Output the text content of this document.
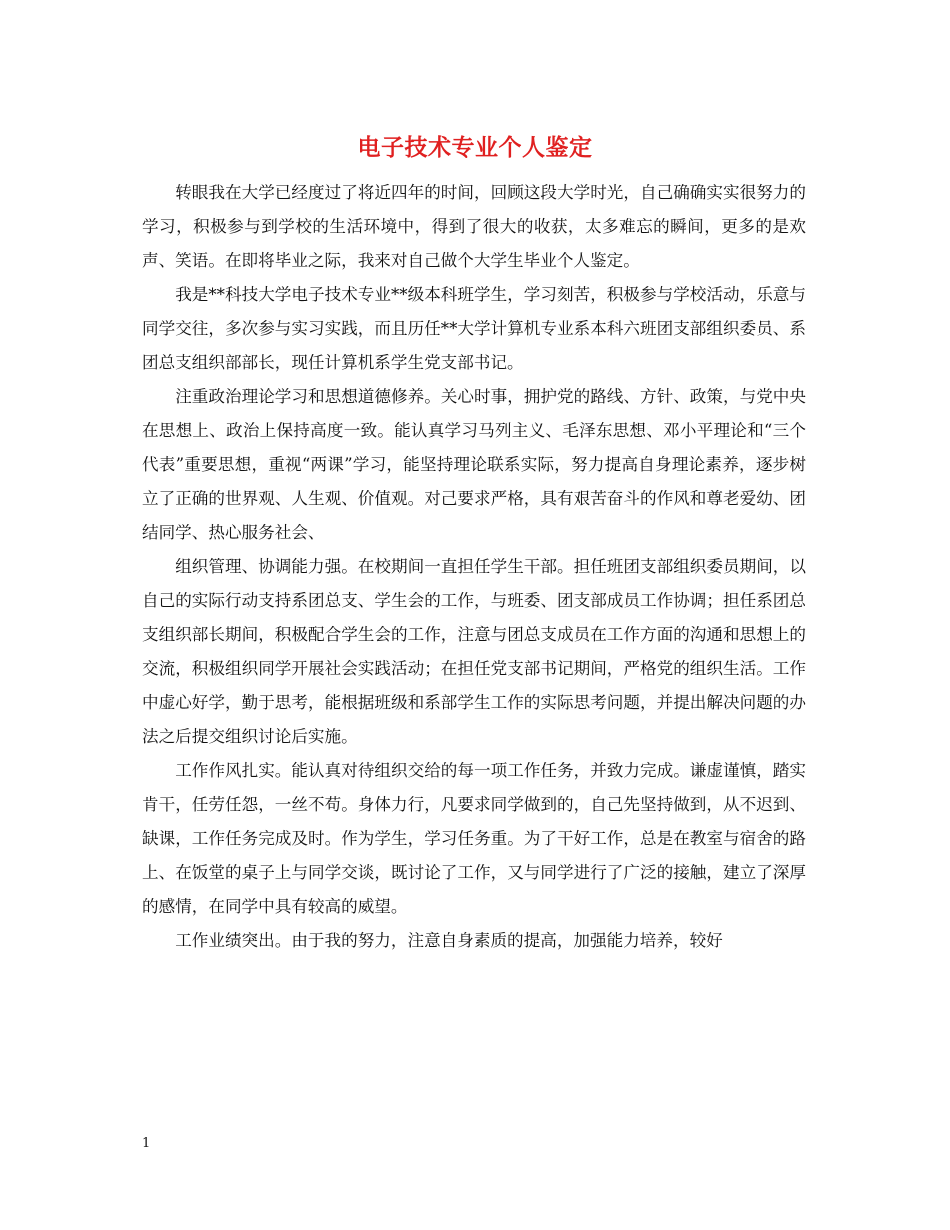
电子技术专业个人鉴定

转眼我在大学已经度过了将近四年的时间，回顾这段大学时光，自己确确实实很努力的学习，积极参与到学校的生活环境中，得到了很大的收获，太多难忘的瞬间，更多的是欢声、笑语。在即将毕业之际，我来对自己做个大学生毕业个人鉴定。

我是**科技大学电子技术专业**级本科班学生，学习刻苦，积极参与学校活动，乐意与同学交往，多次参与实习实践，而且历任**大学计算机专业系本科六班团支部组织委员、系团总支组织部部长，现任计算机系学生党支部书记。

注重政治理论学习和思想道德修养。关心时事，拥护党的路线、方针、政策，与党中央在思想上、政治上保持高度一致。能认真学习马列主义、毛泽东思想、邓小平理论和“三个代表”重要思想，重视“两课”学习，能坚持理论联系实际，努力提高自身理论素养，逐步树立了正确的世界观、人生观、价值观。对己要求严格，具有艰苦奋斗的作风和尊老爱幼、团结同学、热心服务社会、

组织管理、协调能力强。在校期间一直担任学生干部。担任班团支部组织委员期间，以自己的实际行动支持系团总支、学生会的工作，与班委、团支部成员工作协调；担任系团总支组织部长期间，积极配合学生会的工作，注意与团总支成员在工作方面的沟通和思想上的交流，积极组织同学开展社会实践活动；在担任党支部书记期间，严格党的组织生活。工作中虚心好学，勤于思考，能根据班级和系部学生工作的实际思考问题，并提出解决问题的办法之后提交组织讨论后实施。

工作作风扎实。能认真对待组织交给的每一项工作任务，并致力完成。谦虚谨慎，踏实肯干，任劳任怨，一丝不苟。身体力行，凡要求同学做到的，自己先坚持做到，从不迟到、缺课，工作任务完成及时。作为学生，学习任务重。为了干好工作，总是在教室与宿舍的路上、在饭堂的桌子上与同学交谈，既讨论了工作，又与同学进行了广泛的接触，建立了深厚的感情，在同学中具有较高的威望。

工作业绩突出。由于我的努力，注意自身素质的提高，加强能力培养，较好

1
